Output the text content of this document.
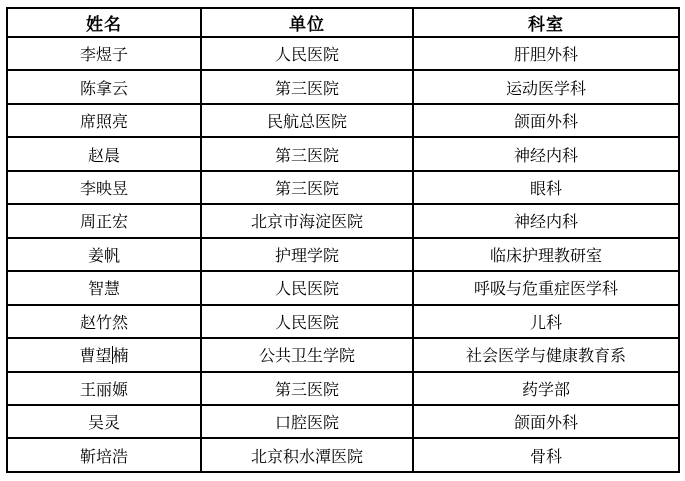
姓名	单位	科室
李煜子	人民医院	肝胆外科
陈拿云	第三医院	运动医学科
席照亮	民航总医院	颌面外科
赵晨	第三医院	神经内科
李映昱	第三医院	眼科
周正宏	北京市海淀医院	神经内科
姜帆	护理学院	临床护理教研室
智慧	人民医院	呼吸与危重症医学科
赵竹然	人民医院	儿科
曹望楠	公共卫生学院	社会医学与健康教育系
王丽嫄	第三医院	药学部
吴灵	口腔医院	颌面外科
靳培浩	北京积水潭医院	骨科
